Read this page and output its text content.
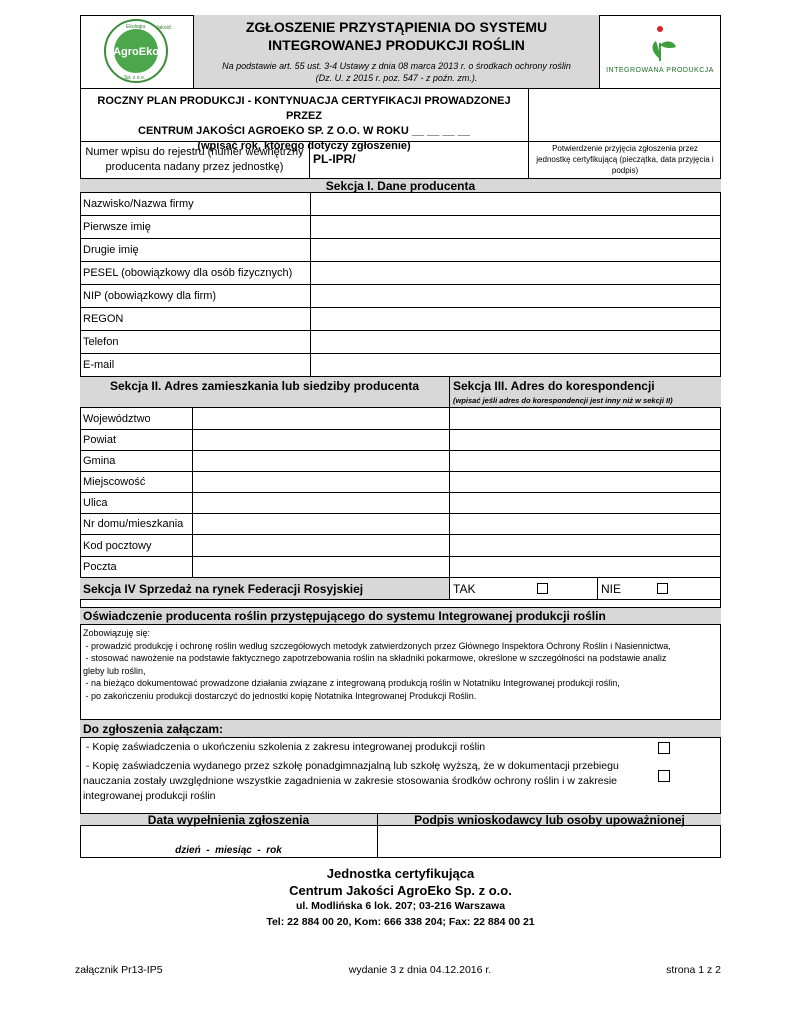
Ekologia Jakość
Sp. z o.o.
AgroEko
ZGŁOSZENIE PRZYSTĄPIENIA DO SYSTEMU
INTEGROWANEJ PRODUKCJI ROŚLIN
Na podstawie art. 55 ust. 3-4 Ustawy z dnia 08 marca 2013 r. o środkach ochrony roślin
(Dz. U. z 2015 r. poz. 547 - z poźn. zm.).
INTEGROWANA PRODUKCJA
ROCZNY PLAN PRODUKCJI - KONTYNUACJA CERTYFIKACJI PROWADZONEJ PRZEZ
CENTRUM JAKOŚCI AGROEKO SP. Z O.O. W ROKU __ __ __ __
(wpisać rok, którego dotyczy zgłoszenie)
Numer wpisu do rejestru (numer wewnętrzny
producenta nadany przez jednostkę)
PL-IPR/
Potwierdzenie przyjęcia zgłoszenia przez
jednostkę certyfikującą (pieczątka, data przyjęcia i
podpis)
Sekcja I. Dane producenta
Nazwisko/Nazwa firmy
Pierwsze imię
Drugie imię
PESEL (obowiązkowy dla osób fizycznych)
NIP (obowiązkowy dla firm)
REGON
Telefon
E-mail
Sekcja II. Adres zamieszkania lub siedziby producenta	Sekcja III. Adres do korespondencji
(wpisać jeśli adres do korespondencji jest inny niż w sekcji II)
Województwo
Powiat
Gmina
Miejscowość
Ulica
Nr domu/mieszkania
Kod pocztowy
Poczta
Sekcja IV Sprzedaż na rynek Federacji Rosyjskiej	TAK	NIE
Oświadczenie producenta roślin przystępującego do systemu Integrowanej produkcji roślin
Zobowiązuję się:
- prowadzić produkcję i ochronę roślin według szczegółowych metodyk zatwierdzonych przez Głównego Inspektora Ochrony Roślin i Nasiennictwa,
- stosować nawożenie na podstawie faktycznego zapotrzebowania roślin na składniki pokarmowe, określone w szczegółności na podstawie analiz
gleby lub roślin,
- na bieżąco dokumentować prowadzone działania związane z integrowaną produkcją roślin w Notatniku Integrowanej produkcji roślin,
- po zakończeniu produkcji dostarczyć do jednostki kopię Notatnika Integrowanej Produkcji Roślin.
Do zgłoszenia załączam:
- Kopię zaświadczenia o ukończeniu szkolenia z zakresu integrowanej produkcji roślin
- Kopię zaświadczenia wydanego przez szkołę ponadgimnazjalną lub szkołę wyższą, że w dokumentacji przebiegu
nauczania zostały uwzględnione wszystkie zagadnienia w zakresie stosowania środków ochrony roślin i w zakresie
integrowanej produkcji roślin
Data wypełnienia zgłoszenia	Podpis wnioskodawcy lub osoby upoważnionej
dzień  -  miesiąc  -  rok
Jednostka certyfikująca
Centrum Jakości AgroEko Sp. z o.o.
ul. Modlińska 6 lok. 207; 03-216 Warszawa
Tel: 22 884 00 20, Kom: 666 338 204; Fax: 22 884 00 21
załącznik Pr13-IP5	wydanie 3 z dnia 04.12.2016 r.	strona 1 z 2
